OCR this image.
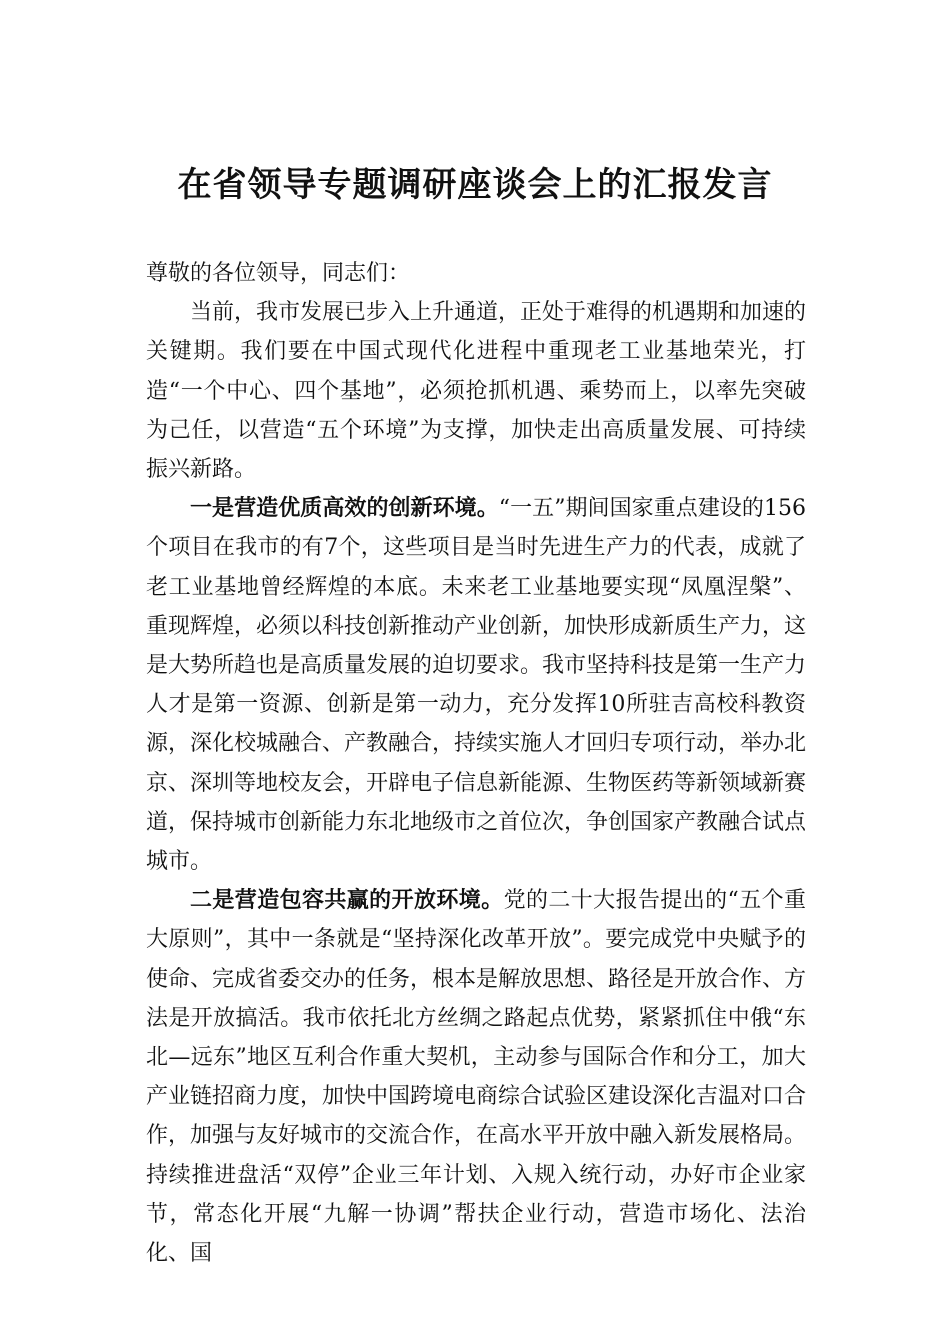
在省领导专题调研座谈会上的汇报发言

尊敬的各位领导，同志们：

当前，我市发展已步入上升通道，正处于难得的机遇期和加速的关键期。我们要在中国式现代化进程中重现老工业基地荣光，打造“一个中心、四个基地”，必须抢抓机遇、乘势而上，以率先突破为己任，以营造“五个环境”为支撑，加快走出高质量发展、可持续振兴新路。

一是营造优质高效的创新环境。“一五”期间国家重点建设的156个项目在我市的有7个，这些项目是当时先进生产力的代表，成就了老工业基地曾经辉煌的本底。未来老工业基地要实现“凤凰涅槃”、重现辉煌，必须以科技创新推动产业创新，加快形成新质生产力，这是大势所趋也是高质量发展的迫切要求。我市坚持科技是第一生产力人才是第一资源、创新是第一动力，充分发挥10所驻吉高校科教资源，深化校城融合、产教融合，持续实施人才回归专项行动，举办北京、深圳等地校友会，开辟电子信息新能源、生物医药等新领域新赛道，保持城市创新能力东北地级市之首位次，争创国家产教融合试点城市。

二是营造包容共赢的开放环境。党的二十大报告提出的“五个重大原则”，其中一条就是“坚持深化改革开放”。要完成党中央赋予的使命、完成省委交办的任务，根本是解放思想、路径是开放合作、方法是开放搞活。我市依托北方丝绸之路起点优势，紧紧抓住中俄“东北—远东”地区互利合作重大契机，主动参与国际合作和分工，加大产业链招商力度，加快中国跨境电商综合试验区建设深化吉温对口合作，加强与友好城市的交流合作，在高水平开放中融入新发展格局。持续推进盘活“双停”企业三年计划、入规入统行动，办好市企业家节，常态化开展“九解一协调”帮扶企业行动，营造市场化、法治化、国
